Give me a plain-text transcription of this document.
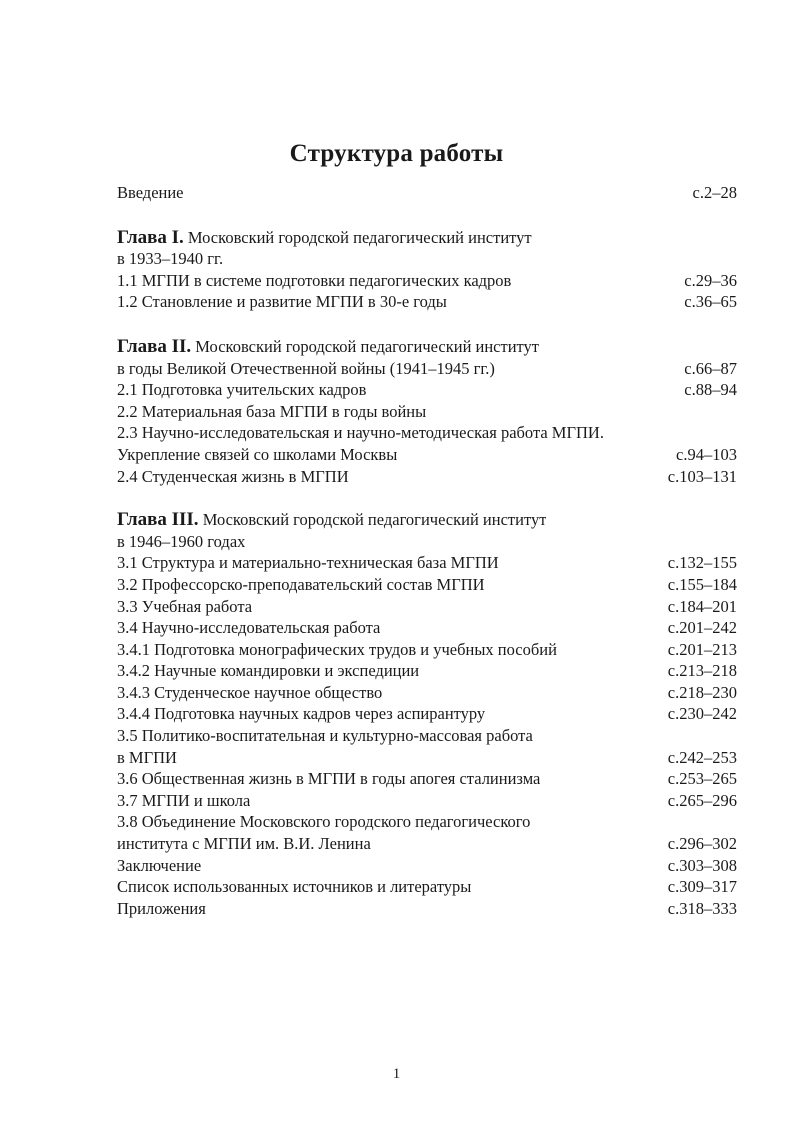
Структура работы
Введение	с.2–28
Глава I. Московский городской педагогический институт
в 1933–1940 гг.
1.1 МГПИ в системе подготовки педагогических кадров	с.29–36
1.2 Становление и развитие МГПИ в 30-е годы	с.36–65
Глава II. Московский городской педагогический институт
в годы Великой Отечественной войны (1941–1945 гг.)	с.66–87
2.1 Подготовка учительских кадров	с.88–94
2.2 Материальная база МГПИ в годы войны
2.3 Научно-исследовательская и научно-методическая работа МГПИ.
Укрепление связей со школами Москвы	с.94–103
2.4 Студенческая жизнь в МГПИ	с.103–131
Глава III. Московский городской педагогический институт
в 1946–1960 годах
3.1 Структура и материально-техническая база МГПИ	с.132–155
3.2 Профессорско-преподавательский состав МГПИ	с.155–184
3.3 Учебная работа	с.184–201
3.4 Научно-исследовательская работа	с.201–242
3.4.1 Подготовка монографических трудов и учебных пособий	с.201–213
3.4.2 Научные командировки и экспедиции	с.213–218
3.4.3 Студенческое научное общество	с.218–230
3.4.4 Подготовка научных кадров через аспирантуру	с.230–242
3.5 Политико-воспитательная и культурно-массовая работа
в МГПИ	с.242–253
3.6 Общественная жизнь в МГПИ в годы апогея сталинизма	с.253–265
3.7 МГПИ и школа	с.265–296
3.8 Объединение Московского городского педагогического
института с МГПИ им. В.И. Ленина	с.296–302
Заключение	с.303–308
Список использованных источников и литературы	с.309–317
Приложения	с.318–333
1
